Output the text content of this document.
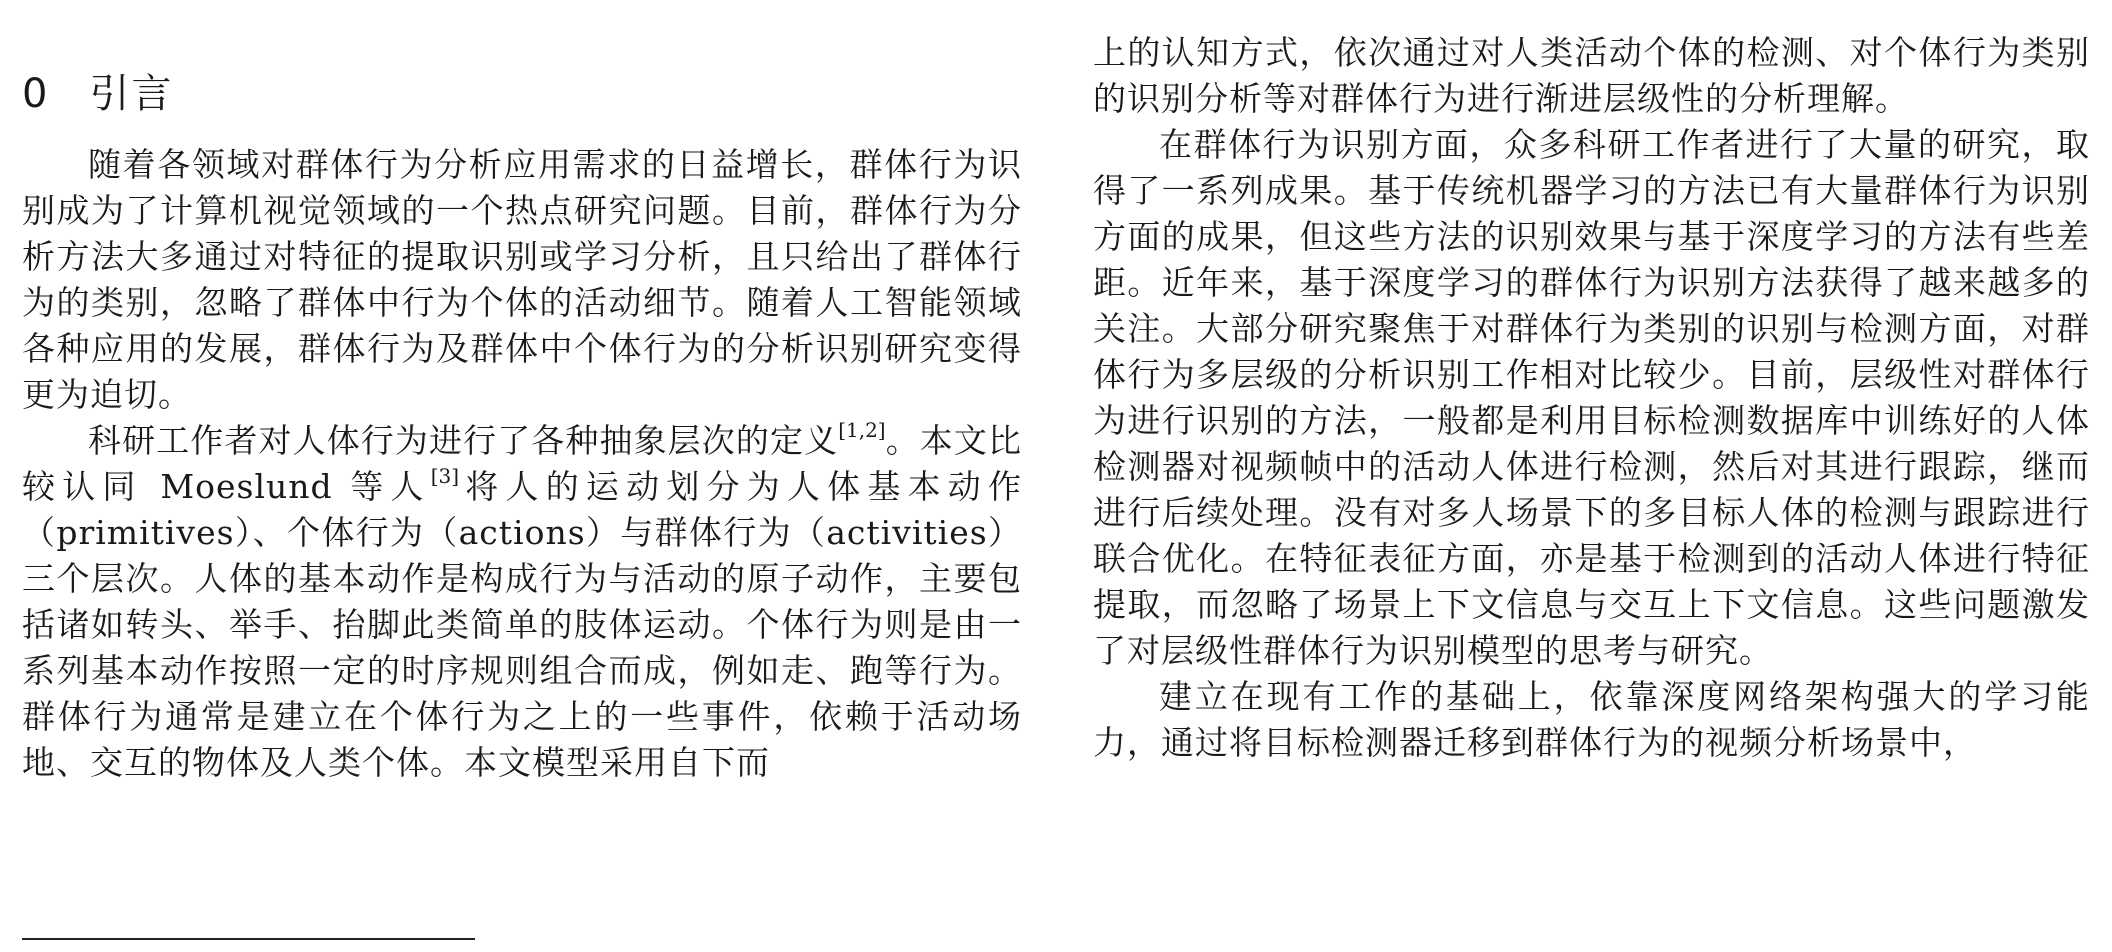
0 引言

随着各领域对群体行为分析应用需求的日益增长，群体行为识别成为了计算机视觉领域的一个热点研究问题。目前，群体行为分析方法大多通过对特征的提取识别或学习分析，且只给出了群体行为的类别，忽略了群体中行为个体的活动细节。随着人工智能领域各种应用的发展，群体行为及群体中个体行为的分析识别研究变得更为迫切。

科研工作者对人体行为进行了各种抽象层次的定义[1,2]。本文比较认同 Moeslund 等人[3]将人的运动划分为人体基本动作（primitives）、个体行为（actions）与群体行为（activities）三个层次。人体的基本动作是构成行为与活动的原子动作，主要包括诸如转头、举手、抬脚此类简单的肢体运动。个体行为则是由一系列基本动作按照一定的时序规则组合而成，例如走、跑等行为。群体行为通常是建立在个体行为之上的一些事件，依赖于活动场地、交互的物体及人类个体。本文模型采用自下而

上的认知方式，依次通过对人类活动个体的检测、对个体行为类别的识别分析等对群体行为进行渐进层级性的分析理解。

在群体行为识别方面，众多科研工作者进行了大量的研究，取得了一系列成果。基于传统机器学习的方法已有大量群体行为识别方面的成果，但这些方法的识别效果与基于深度学习的方法有些差距。近年来，基于深度学习的群体行为识别方法获得了越来越多的关注。大部分研究聚焦于对群体行为类别的识别与检测方面，对群体行为多层级的分析识别工作相对比较少。目前，层级性对群体行为进行识别的方法，一般都是利用目标检测数据库中训练好的人体检测器对视频帧中的活动人体进行检测，然后对其进行跟踪，继而进行后续处理。没有对多人场景下的多目标人体的检测与跟踪进行联合优化。在特征表征方面，亦是基于检测到的活动人体进行特征提取，而忽略了场景上下文信息与交互上下文信息。这些问题激发了对层级性群体行为识别模型的思考与研究。

建立在现有工作的基础上，依靠深度网络架构强大的学习能力，通过将目标检测器迁移到群体行为的视频分析场景中，
